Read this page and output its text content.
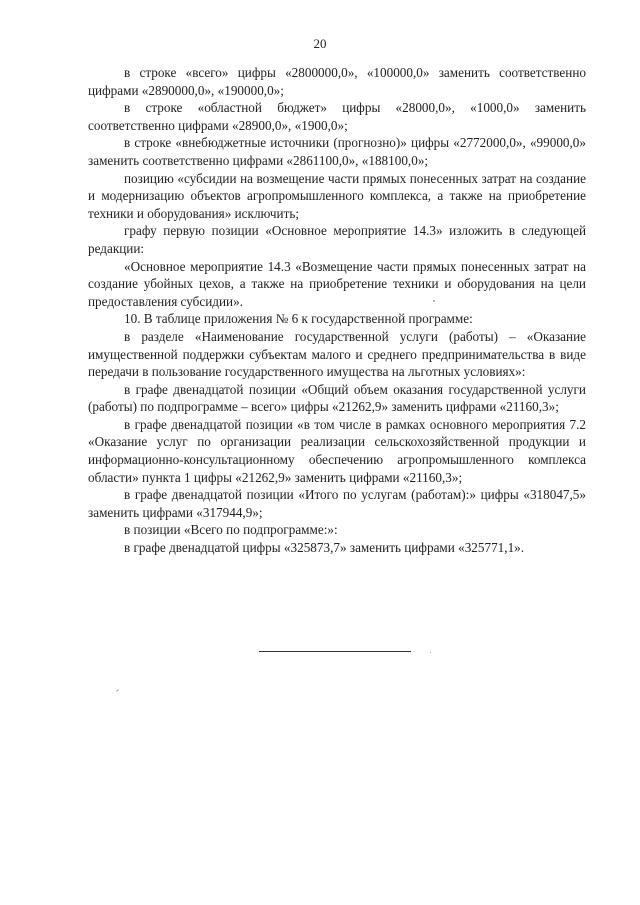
20

в строке «всего» цифры «2800000,0», «100000,0» заменить соответственно цифрами «2890000,0», «190000,0»;

в строке «областной бюджет» цифры «28000,0», «1000,0» заменить соответственно цифрами «28900,0», «1900,0»;

в строке «внебюджетные источники (прогнозно)» цифры «2772000,0», «99000,0» заменить соответственно цифрами «2861100,0», «188100,0»;

позицию «субсидии на возмещение части прямых понесенных затрат на создание и модернизацию объектов агропромышленного комплекса, а также на приобретение техники и оборудования» исключить;

графу первую позиции «Основное мероприятие 14.3» изложить в следующей редакции:

«Основное мероприятие 14.3 «Возмещение части прямых понесенных затрат на создание убойных цехов, а также на приобретение техники и оборудования на цели предоставления субсидии».

10. В таблице приложения № 6 к государственной программе:

в разделе «Наименование государственной услуги (работы) – «Оказание имущественной поддержки субъектам малого и среднего предпринимательства в виде передачи в пользование государственного имущества на льготных условиях»:

в графе двенадцатой позиции «Общий объем оказания государственной услуги (работы) по подпрограмме – всего» цифры «21262,9» заменить цифрами «21160,3»;

в графе двенадцатой позиции «в том числе в рамках основного мероприятия 7.2 «Оказание услуг по организации реализации сельскохозяйственной продукции и информационно-консультационному обеспечению агропромышленного комплекса области» пункта 1 цифры «21262,9» заменить цифрами «21160,3»;

в графе двенадцатой позиции «Итого по услугам (работам):» цифры «318047,5» заменить цифрами «317944,9»;

в позиции «Всего по подпрограмме:»:

в графе двенадцатой цифры «325873,7» заменить цифрами «325771,1».
